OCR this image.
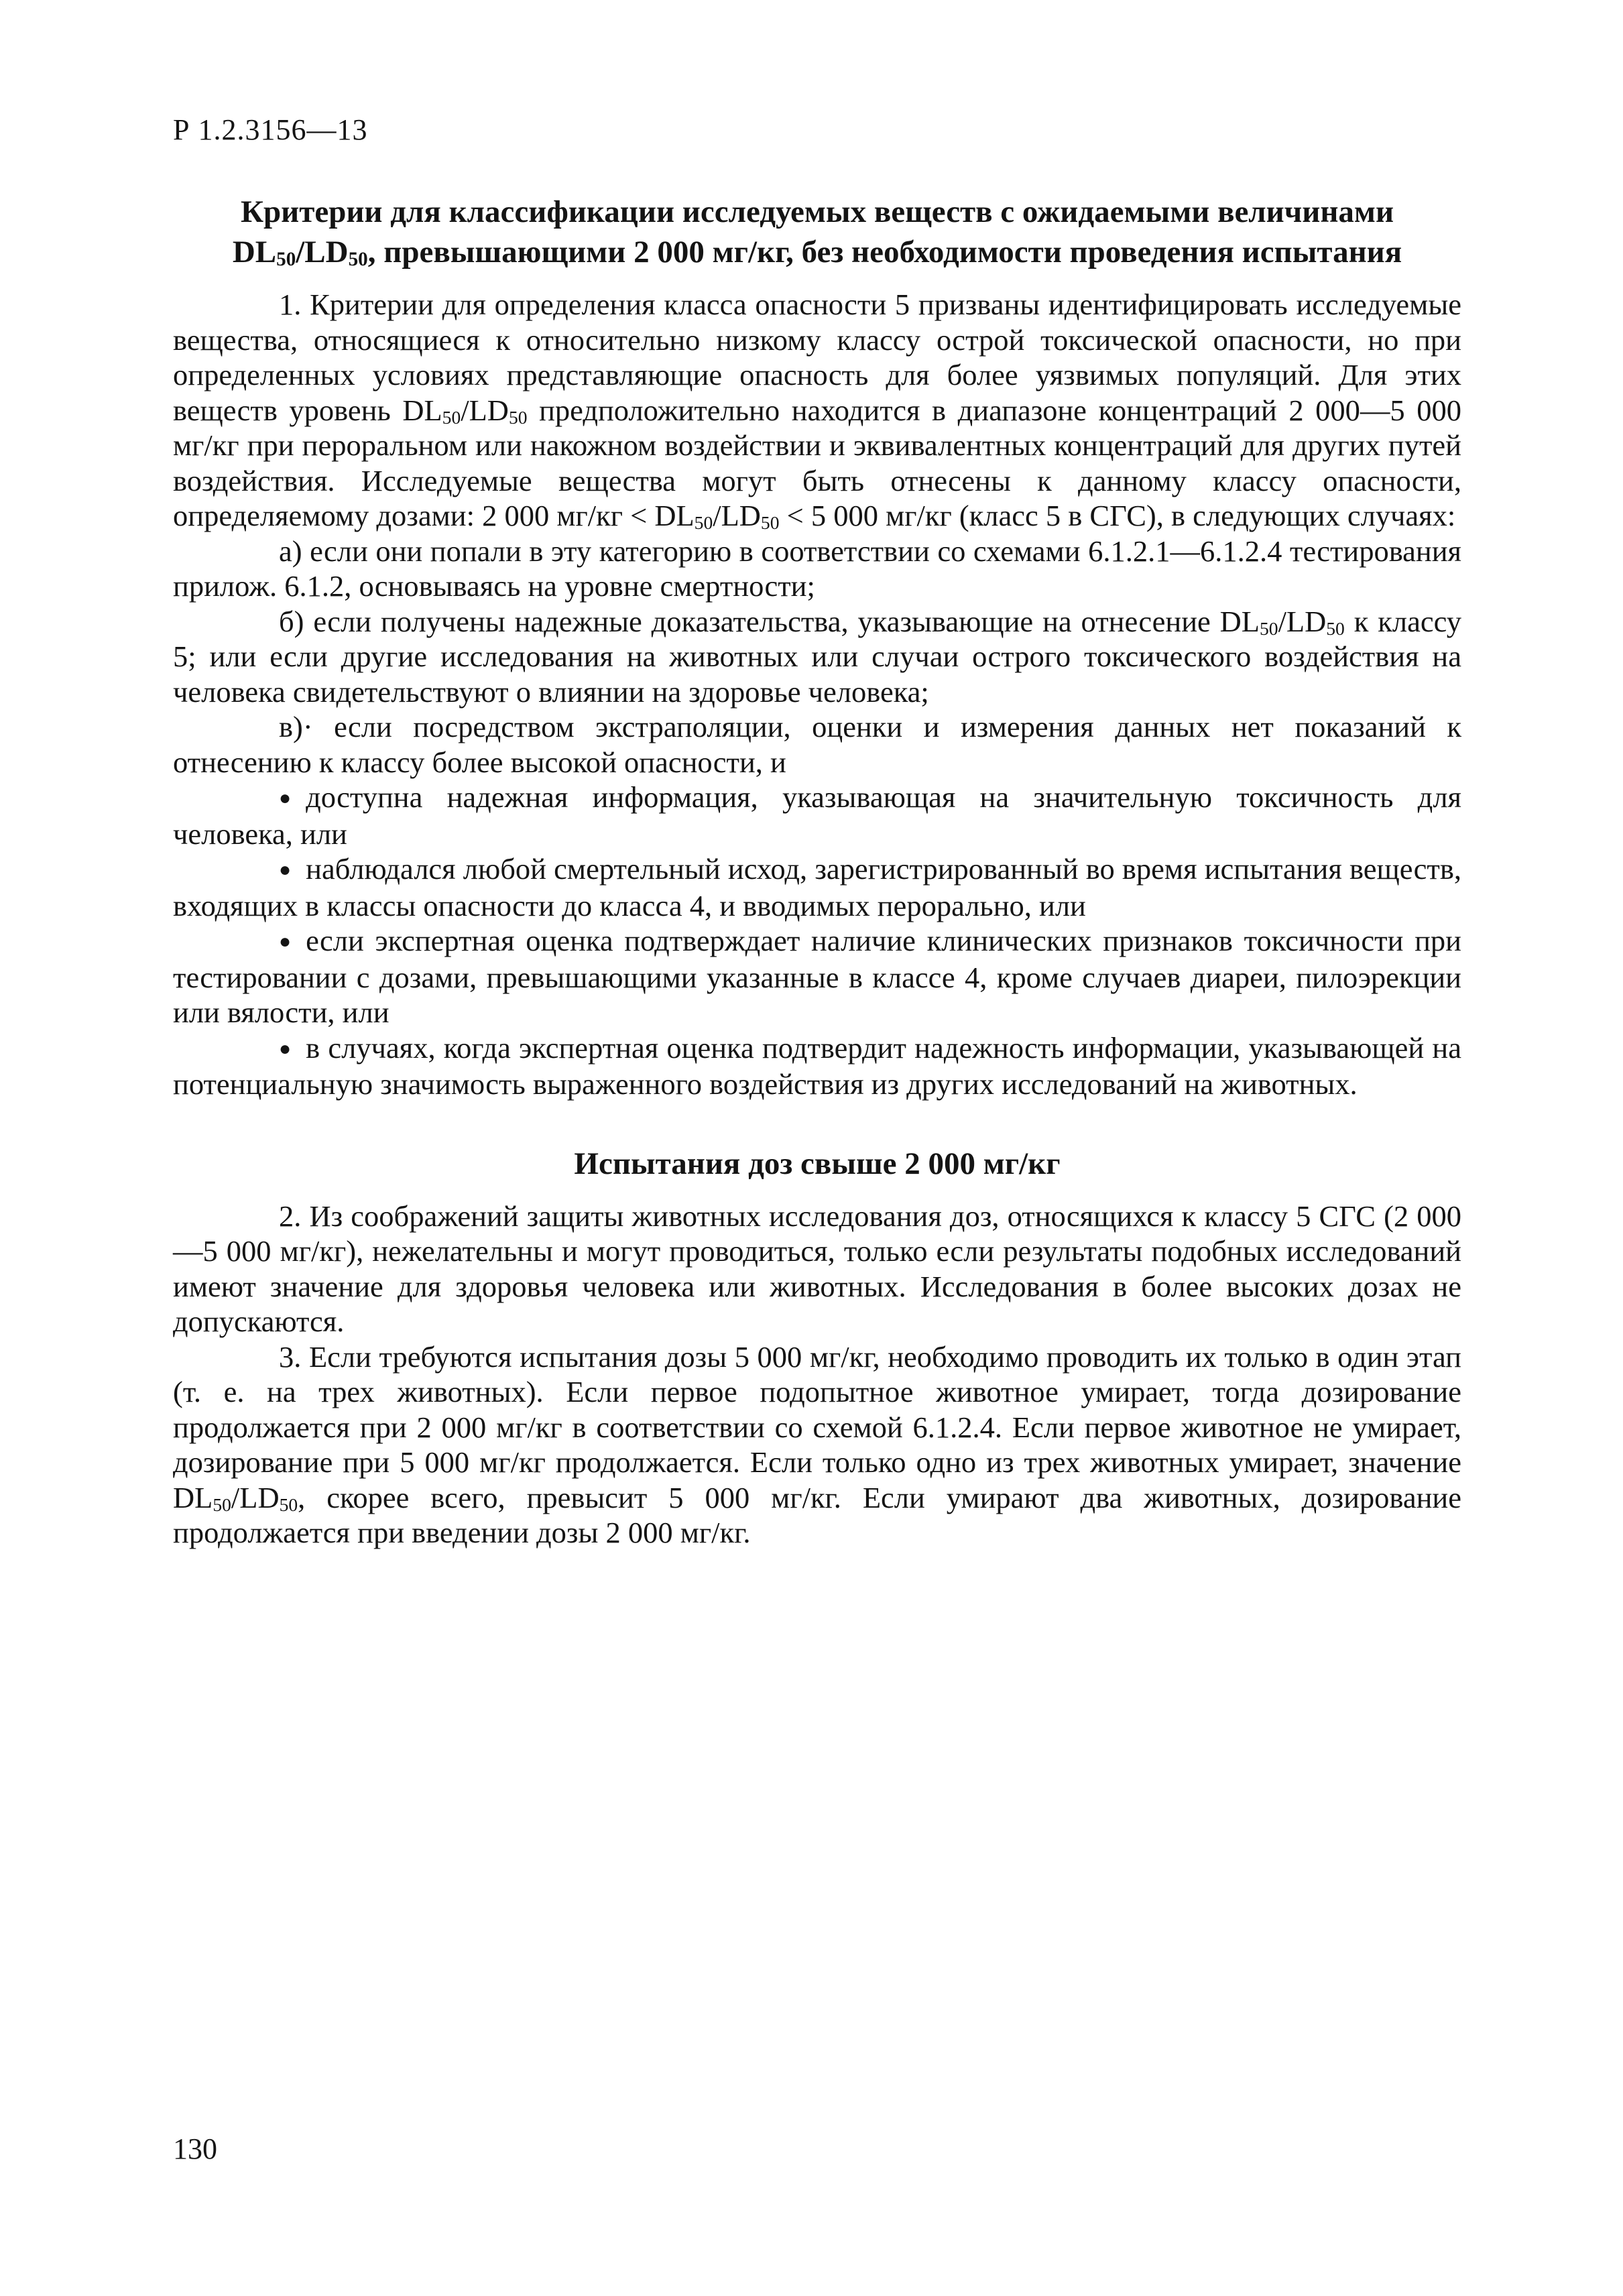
Р 1.2.3156—13
Критерии для классификации исследуемых веществ с ожидаемыми величинами
$DL_{50}/LD_{50}$, превышающими 2 000 мг/кг, без необходимости проведения испытания

1. Критерии для определения класса опасности 5 призваны идентифицировать исследуемые вещества, относящиеся к относительно низкому классу острой токсической опасности, но при определенных условиях представляющие опасность для более уязвимых популяций. Для этих веществ уровень $DL_{50}/LD_{50}$ предположительно находится в диапазоне концентраций 2 000—5 000 мг/кг при пероральном или накожном воздействии и эквивалентных концентраций для других путей воздействия. Исследуемые вещества могут быть отнесены к данному классу опасности, определяемому дозами: 2 000 $мг/кг < DL_{50}/LD_{50} < 5$ 000 мг/кг (класс 5 в СГС), в следующих случаях:

а) если они попали в эту категорию в соответствии со схемами 6.1.2.1—6.1.2.4 тестирования прилож. 6.1.2, основываясь на уровне смертности;

б) если получены надежные доказательства, указывающие на отнесение $DL_{50}/LD_{50}$ к классу 5; или если другие исследования на животных или случаи острого токсического воздействия на человека свидетельствуют о влиянии на здоровье человека;

в)· если посредством экстраполяции, оценки и измерения данных нет показаний к отнесению к классу более высокой опасности, и

● доступна надежная информация, указывающая на значительную токсичность для человека, или

● наблюдался любой смертельный исход, зарегистрированный во время испытания веществ, входящих в классы опасности до класса 4, и вводимых перорально, или

● если экспертная оценка подтверждает наличие клинических признаков токсичности при тестировании с дозами, превышающими указанные в классе 4, кроме случаев диареи, пилоэрекции или вялости, или

● в случаях, когда экспертная оценка подтвердит надежность информации, указывающей на потенциальную значимость выраженного воздействия из других исследований на животных.

Испытания доз свыше 2 000 мг/кг

2. Из соображений защиты животных исследования доз, относящихся к классу 5 СГС (2 000—5 000 мг/кг), нежелательны и могут проводиться, только если результаты подобных исследований имеют значение для здоровья человека или животных. Исследования в более высоких дозах не допускаются.

3. Если требуются испытания дозы 5 000 мг/кг, необходимо проводить их только в один этап (т. е. на трех животных). Если первое подопытное животное умирает, тогда дозирование продолжается при 2 000 мг/кг в соответствии со схемой 6.1.2.4. Если первое животное не умирает, дозирование при 5 000 мг/кг продолжается. Если только одно из трех животных умирает, значение $DL_{50}/LD_{50}$, скорее всего, превысит 5 000 мг/кг. Если умирают два животных, дозирование продолжается при введении дозы 2 000 мг/кг.

130
